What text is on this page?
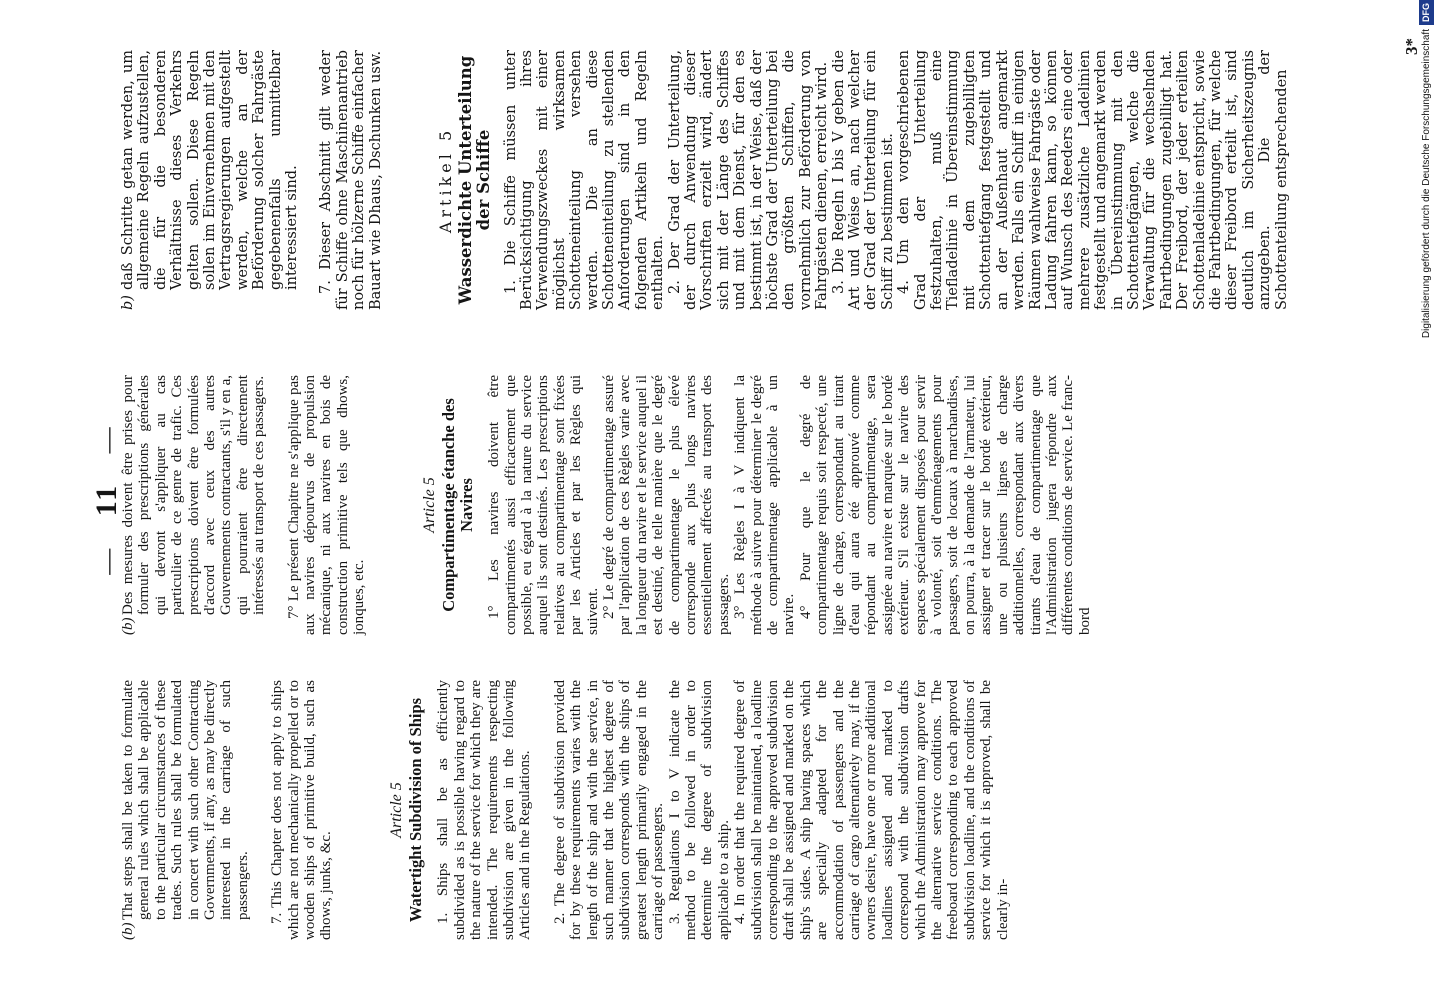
— 11 —

(b)
That steps shall be taken to formulate general rules which shall be applicable to the particular circumstances of these trades. Such rules shall be formulated in concert with such other Contracting Governments, if any, as may be directly interested in the carriage of such passengers. 7. This Chapter does not apply to ships which are not mechanically propelled or to wooden ships of primitive build, such as dhows, junks, &c.

Article 5 Watertight Subdivision of Ships 1. Ships shall be as efficiently subdivided as is possible having regard to the nature of the service for which they are intended. The requirements respecting subdivision are given in the following Articles and in the Regulations. 2. The degree of subdivision provided for by these requirements varies with the length of the ship and with the service, in such manner that the highest degree of subdivision corresponds with the ships of greatest length primarily engaged in the carriage of passengers. 3. Regulations I to V indicate the method to be followed in order to determine the degree of subdivision applicable to a ship. 4. In order that the required degree of subdivision shall be maintained, a loadline corresponding to the approved subdivision draft shall be assigned and marked on the ship's sides. A ship having spaces which are specially adapted for the accommodation of passengers and the carriage of cargo alternatively may, if the owners desire, have one or more additional loadlines assigned and marked to correspond with the subdivision drafts which the Administration may approve for the alternative service conditions. The freeboard corresponding to each approved subdivision loadline, and the conditions of service for which it is approved, shall be clearly in-

(b)
Des mesures doivent être prises pour formuler des prescriptions générales qui devront s'appliquer au cas particulier de ce genre de trafic. Ces prescriptions doivent être formulées d'accord avec ceux des autres Gouvernements contractants, s'il y en a, qui pourraient être directement intéressés au transport de ces passagers. 7° Le présent Chapitre ne s'applique pas aux navires dépourvus de propulsion mécanique, ni aux navires en bois de construction primitive tels que dhows, jonques, etc.

Article 5 Compartimentage étanche des Navires 1° Les navires doivent être compartimentés aussi efficacement que possible, eu égard à la nature du service auquel ils sont destinés. Les prescriptions relatives au compartimentage sont fixées par les Articles et par les Règles qui suivent. 2° Le degré de compartimentage assuré par l'application de ces Règles varie avec la longueur du navire et le service auquel il est destiné, de telle manière que le degré de compartimentage le plus élevé corresponde aux plus longs navires essentiellement affectés au transport des passagers. 3° Les Règles I à V indiquent la méthode à suivre pour déterminer le degré de compartimentage applicable à un navire. 4° Pour que le degré de compartimentage requis soit respecté, une ligne de charge, correspondant au tirant d'eau qui aura été approuvé comme répondant au compartimentage, sera assignée au navire et marquée sur le bordé extérieur. S'il existe sur le navire des espaces spécialement disposés pour servir à volonté, soit d'emménagements pour passagers, soit de locaux à marchandises, on pourra, à la demande de l'armateur, lui assigner et tracer sur le bordé extérieur, une ou plusieurs lignes de charge additionnelles, correspondant aux divers tirants d'eau de compartimentage que l'Administration jugera répondre aux différentes conditions de service. Le franc-bord

b)
daß Schritte getan werden, um allgemeine Regeln aufzustellen, die für die besonderen Verhältnisse dieses Verkehrs gelten sollen. Diese Regeln sollen im Einvernehmen mit den Vertragsregierungen aufgestellt werden, welche an der Beförderung solcher Fahrgäste gegebenenfalls unmittelbar interessiert sind. 7. Dieser Abschnitt gilt weder für Schiffe ohne Maschinenantrieb noch für hölzerne Schiffe einfacher Bauart wie Dhaus, Dschunken usw.	Artikel 5 Wasserdichte Unterteilung der Schiffe 1. Die Schiffe müssen unter Berücksichtigung ihres Verwendungszweckes mit einer möglichst wirksamen Schotteneinteilung versehen werden. Die an diese Schotteneinteilung zu stellenden Anforderungen sind in den folgenden Artikeln und Regeln enthalten. 2. Der Grad der Unterteilung, der durch Anwendung dieser Vorschriften erzielt wird, ändert sich mit der Länge des Schiffes und mit dem Dienst, für den es bestimmt ist, in der Weise, daß der höchste Grad der Unterteilung bei den größten Schiffen, die vornehmlich zur Beförderung von Fahrgästen dienen, erreicht wird. 3. Die Regeln I bis V geben die Art und Weise an, nach welcher der Grad der Unterteilung für ein Schiff zu bestimmen ist. 4. Um den vorgeschriebenen Grad der Unterteilung festzuhalten, muß eine Tiefladelinie in Übereinstimmung mit dem zugebilligten Schottentiefgang festgestellt und an der Außenhaut angemarkt werden. Falls ein Schiff in einigen Räumen wahlweise Fahrgäste oder Ladung fahren kann, so können auf Wunsch des Reeders eine oder mehrere zusätzliche Ladelinien festgestellt und angemarkt werden in Übereinstimmung mit den Schottentiefgängen, welche die Verwaltung für die wechselnden Fahrtbedingungen zugebilligt hat. Der Freibord, der jeder erteilten Schottenladelinie entspricht, sowie die Fahrtbedingungen, für welche dieser Freibord erteilt ist, sind deutlich im Sicherheitszeugnis anzugeben. Die der Schottenteilung entsprechenden

3* Digitalisierung gefördert durch die Deutsche ForschungsgemeinschaftDFG
